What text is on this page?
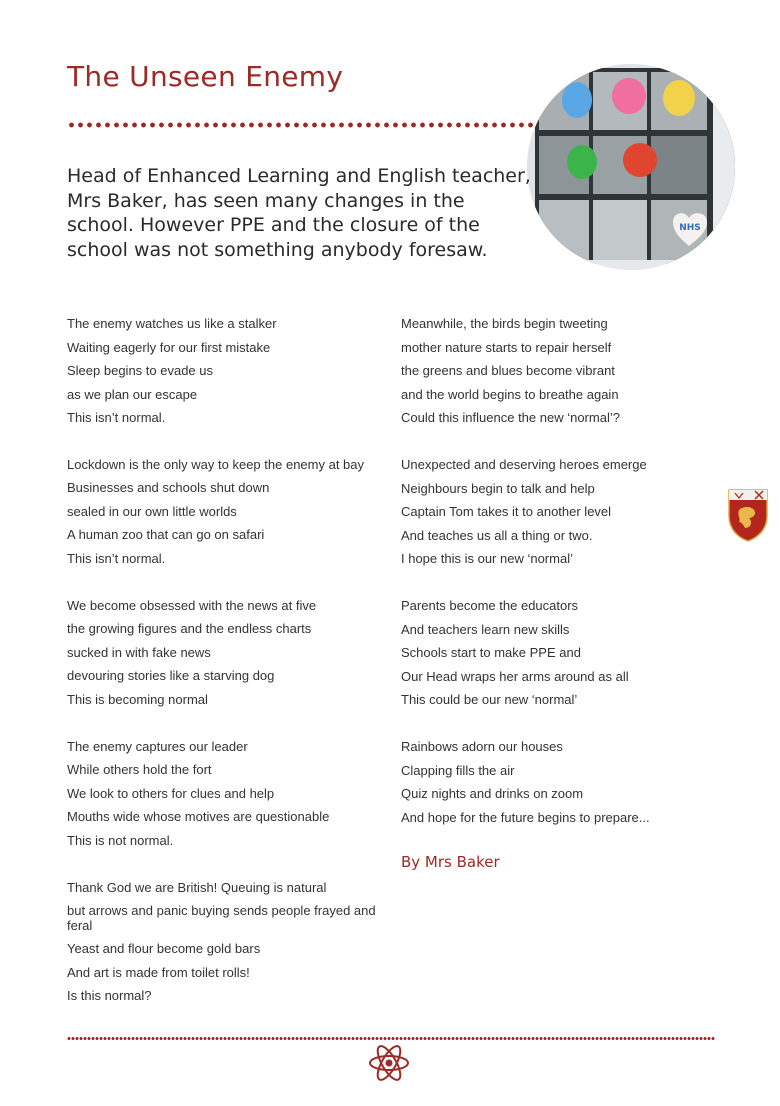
The Unseen Enemy
NHS

Head of Enhanced Learning and English teacher, Mrs Baker, has seen many changes in the school. However PPE and the closure of the school was not something anybody foresaw.

The enemy watches us like a stalker
Waiting eagerly for our first mistake
Sleep begins to evade us
as we plan our escape
This isn’t normal.
Lockdown is the only way to keep the enemy at bay
Businesses and schools shut down
sealed in our own little worlds
A human zoo that can go on safari
This isn’t normal.
We become obsessed with the news at five
the growing figures and the endless charts
sucked in with fake news
devouring stories like a starving dog
This is becoming normal
The enemy captures our leader
While others hold the fort
We look to others for clues and help
Mouths wide whose motives are questionable
This is not normal.
Thank God we are British! Queuing is natural
but arrows and panic buying sends people frayed and feral
Yeast and flour become gold bars
And art is made from toilet rolls!
Is this normal?
Meanwhile, the birds begin tweeting
mother nature starts to repair herself
the greens and blues become vibrant
and the world begins to breathe again
Could this influence the new ‘normal’?
Unexpected and deserving heroes emerge
Neighbours begin to talk and help
Captain Tom takes it to another level
And teaches us all a thing or two.
I hope this is our new ‘normal’
Parents become the educators
And teachers learn new skills
Schools start to make PPE and
Our Head wraps her arms around as all
This could be our new ‘normal’
Rainbows adorn our houses
Clapping fills the air
Quiz nights and drinks on zoom
And hope for the future begins to prepare...
By Mrs Baker
